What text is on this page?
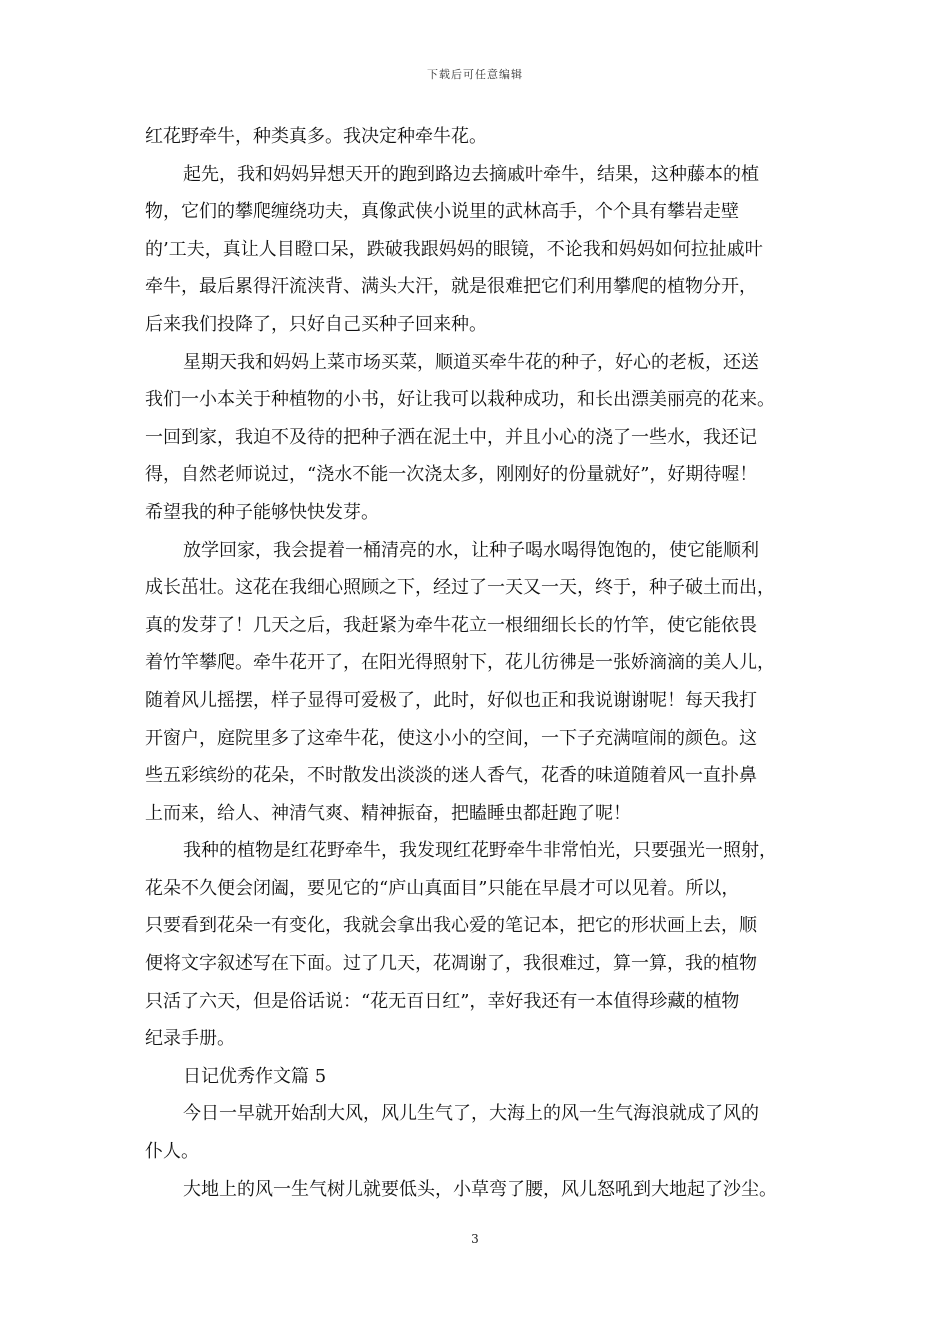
下载后可任意编辑
红花野牵牛，种类真多。我决定种牵牛花。
起先，我和妈妈异想天开的跑到路边去摘戚叶牵牛，结果，这种藤本的植
物，它们的攀爬缠绕功夫，真像武侠小说里的武林高手，个个具有攀岩走壁
的’工夫，真让人目瞪口呆，跌破我跟妈妈的眼镜，不论我和妈妈如何拉扯戚叶
牵牛，最后累得汗流浃背、满头大汗，就是很难把它们利用攀爬的植物分开，
后来我们投降了，只好自己买种子回来种。
星期天我和妈妈上菜市场买菜，顺道买牵牛花的种子，好心的老板，还送
我们一小本关于种植物的小书，好让我可以栽种成功，和长出漂美丽亮的花来。
一回到家，我迫不及待的把种子洒在泥土中，并且小心的浇了一些水，我还记
得，自然老师说过，“浇水不能一次浇太多，刚刚好的份量就好”，好期待喔！
希望我的种子能够快快发芽。
放学回家，我会提着一桶清亮的水，让种子喝水喝得饱饱的，使它能顺利
成长茁壮。这花在我细心照顾之下，经过了一天又一天，终于，种子破土而出，
真的发芽了！几天之后，我赶紧为牵牛花立一根细细长长的竹竿，使它能依畏
着竹竿攀爬。牵牛花开了，在阳光得照射下，花儿彷彿是一张娇滴滴的美人儿，
随着风儿摇摆，样子显得可爱极了，此时，好似也正和我说谢谢呢！每天我打
开窗户，庭院里多了这牵牛花，使这小小的空间，一下子充满喧闹的颜色。这
些五彩缤纷的花朵，不时散发出淡淡的迷人香气，花香的味道随着风一直扑鼻
上而来，给人、神清气爽、精神振奋，把瞌睡虫都赶跑了呢！
我种的植物是红花野牵牛，我发现红花野牵牛非常怕光，只要强光一照射，
花朵不久便会闭阖，要见它的“庐山真面目”只能在早晨才可以见着。所以，
只要看到花朵一有变化，我就会拿出我心爱的笔记本，把它的形状画上去，顺
便将文字叙述写在下面。过了几天，花凋谢了，我很难过，算一算，我的植物
只活了六天，但是俗话说：“花无百日红”，幸好我还有一本值得珍藏的植物
纪录手册。
日记优秀作文篇 5
今日一早就开始刮大风，风儿生气了，大海上的风一生气海浪就成了风的
仆人。
大地上的风一生气树儿就要低头，小草弯了腰，风儿怒吼到大地起了沙尘。
3
